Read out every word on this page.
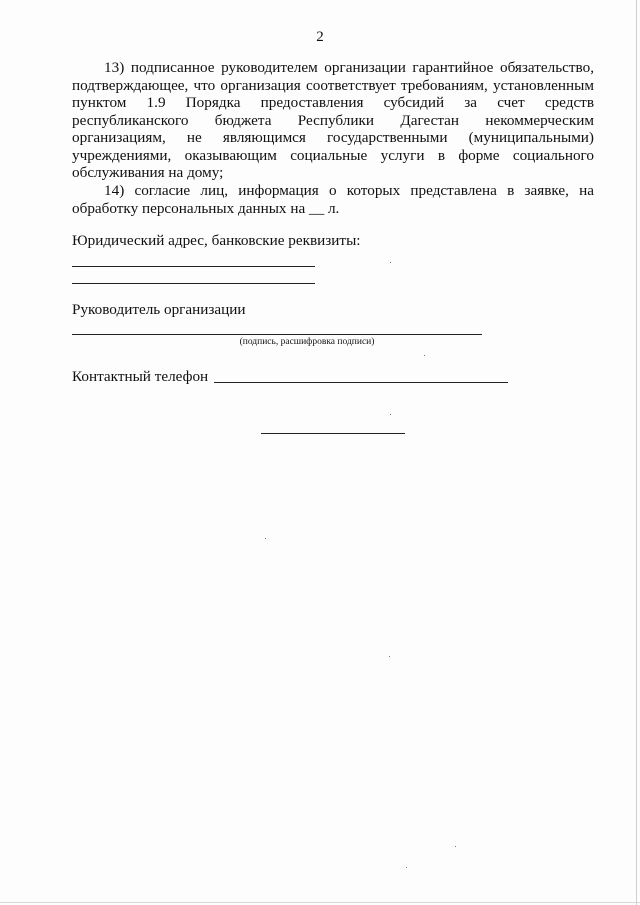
2

13) подписанное руководителем организации гарантийное обязательство, подтверждающее, что организация соответствует требованиям, установленным пунктом 1.9 Порядка предоставления субсидий за счет средств республиканского бюджета Республики Дагестан некоммерческим организациям, не являющимся государственными (муниципальными) учреждениями, оказывающим социальные услуги в форме социального обслуживания на дому;

14) согласие лиц, информация о которых представлена в заявке, на обработку персональных данных на __ л.

Юридический адрес, банковские реквизиты:
Руководитель организации
(подпись, расшифровка подписи)
Контактный телефон
